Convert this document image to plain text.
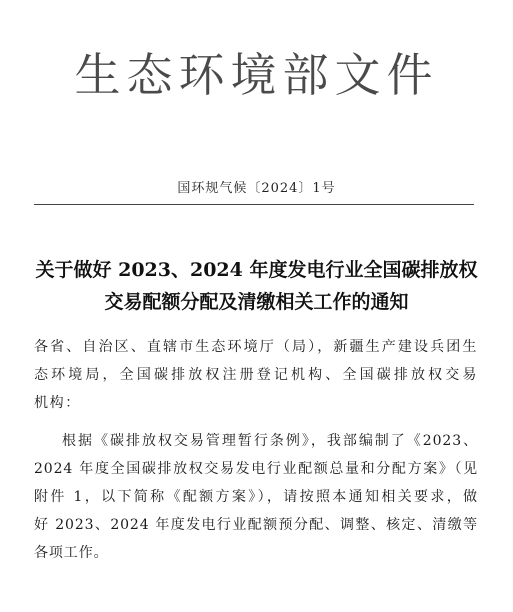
生态环境部文件
国环规气候〔2024〕1号
关于做好 2023、2024 年度发电行业全国碳排放权
交易配额分配及清缴相关工作的通知
各省、自治区、直辖市生态环境厅（局），新疆生产建设兵团生
态环境局，全国碳排放权注册登记机构、全国碳排放权交易
机构：
根据《碳排放权交易管理暂行条例》，我部编制了《2023、
2024 年度全国碳排放权交易发电行业配额总量和分配方案》（见
附件 1，以下简称《配额方案》），请按照本通知相关要求，做
好 2023、2024 年度发电行业配额预分配、调整、核定、清缴等
各项工作。
